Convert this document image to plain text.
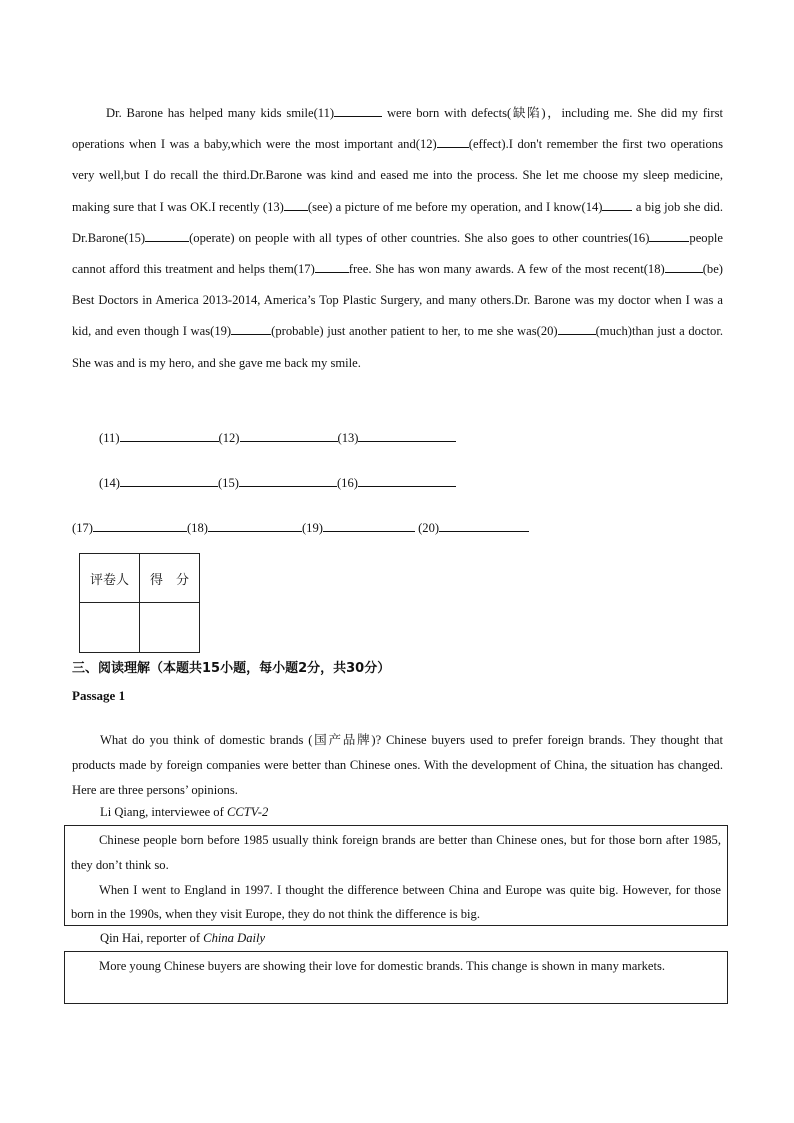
Dr. Barone has helped many kids smile(11)	were born with defects(缺陷)，including me. She did my first operations when I was a baby,which were the most important and(12)	(effect).I don't remember the first two operations very well,but I do recall the third.Dr.Barone was kind and eased me into the process. She let me choose my sleep medicine, making sure that I was OK.I recently (13) (see) a picture of me before my operation, and I know(14) a big job she did. Dr.Barone(15)	(operate) on people with all types of other countries. She also goes to other countries(16)	people cannot afford this treatment and helps them(17)	free. She has won many awards. A few of the most recent(18)	(be) Best Doctors in America 2013-2014, America’s Top Plastic Surgery, and many others.Dr. Barone was my doctor when I was a kid, and even though I was(19)	(probable) just another patient to her, to me she was(20)	(much)than just a doctor. She was and is my hero, and she gave me back my smile.

(11)	(12)	(13)
(14)	(15)	(16)
(17)	(18)	(19)	(20)
评卷人	得　分

三、阅读理解（本题共15小题，每小题2分，共30分）
Passage 1

What do you think of domestic brands (国产品牌)? Chinese buyers used to prefer foreign brands. They thought that products made by foreign companies were better than Chinese ones. With the development of China, the situation has changed. Here are three persons’ opinions.

Li Qiang, interviewee of CCTV-2

Chinese people born before 1985 usually think foreign brands are better than Chinese ones, but for those born after 1985, they don’t think so.

When I went to England in 1997. I thought the difference between China and Europe was quite big. However, for those born in the 1990s, when they visit Europe, they do not think the difference is big.

Qin Hai, reporter of China Daily

More young Chinese buyers are showing their love for domestic brands. This change is shown in many markets.
